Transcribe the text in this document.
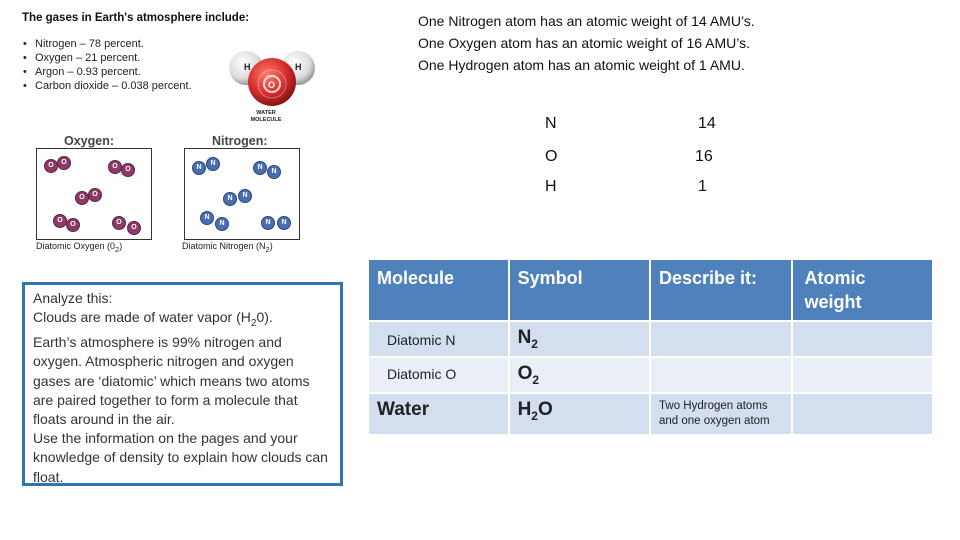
The gases in Earth's atmosphere include:
• Nitrogen – 78 percent.
• Oxygen – 21 percent.
• Argon – 0.93 percent.
• Carbon dioxide – 0.038 percent.
H	H
O
WATER
MOLECULE
Oxygen:
O	O
O	O
O	O
O
O	O
O
Diatomic Oxygen $(0_2)$
Nitrogen:
N
N
N
N
N	N
N
N	N	N
Diatomic Nitrogen $(N_2)$
One Nitrogen atom has an atomic weight of 14 AMU’s.
One Oxygen atom has an atomic weight of 16 AMU’s.
One Hydrogen atom has an atomic weight of 1 AMU.
N	14
O	16
H	1
Analyze this:
Clouds are made of water vapor $(H_20)$.
Earth’s atmosphere is 99% nitrogen and oxygen. Atmospheric nitrogen and oxygen gases are ‘diatomic’ which means two atoms are paired together to form a molecule that floats around in the air.
Use the information on the pages and your knowledge of density to explain how clouds can float.
Molecule	Symbol	Describe it:	Atomic weight
Diatomic N	$N_2$		
Diatomic O	$O_2$		
Water	$H_2O$	Two Hydrogen atoms and one oxygen atom	
